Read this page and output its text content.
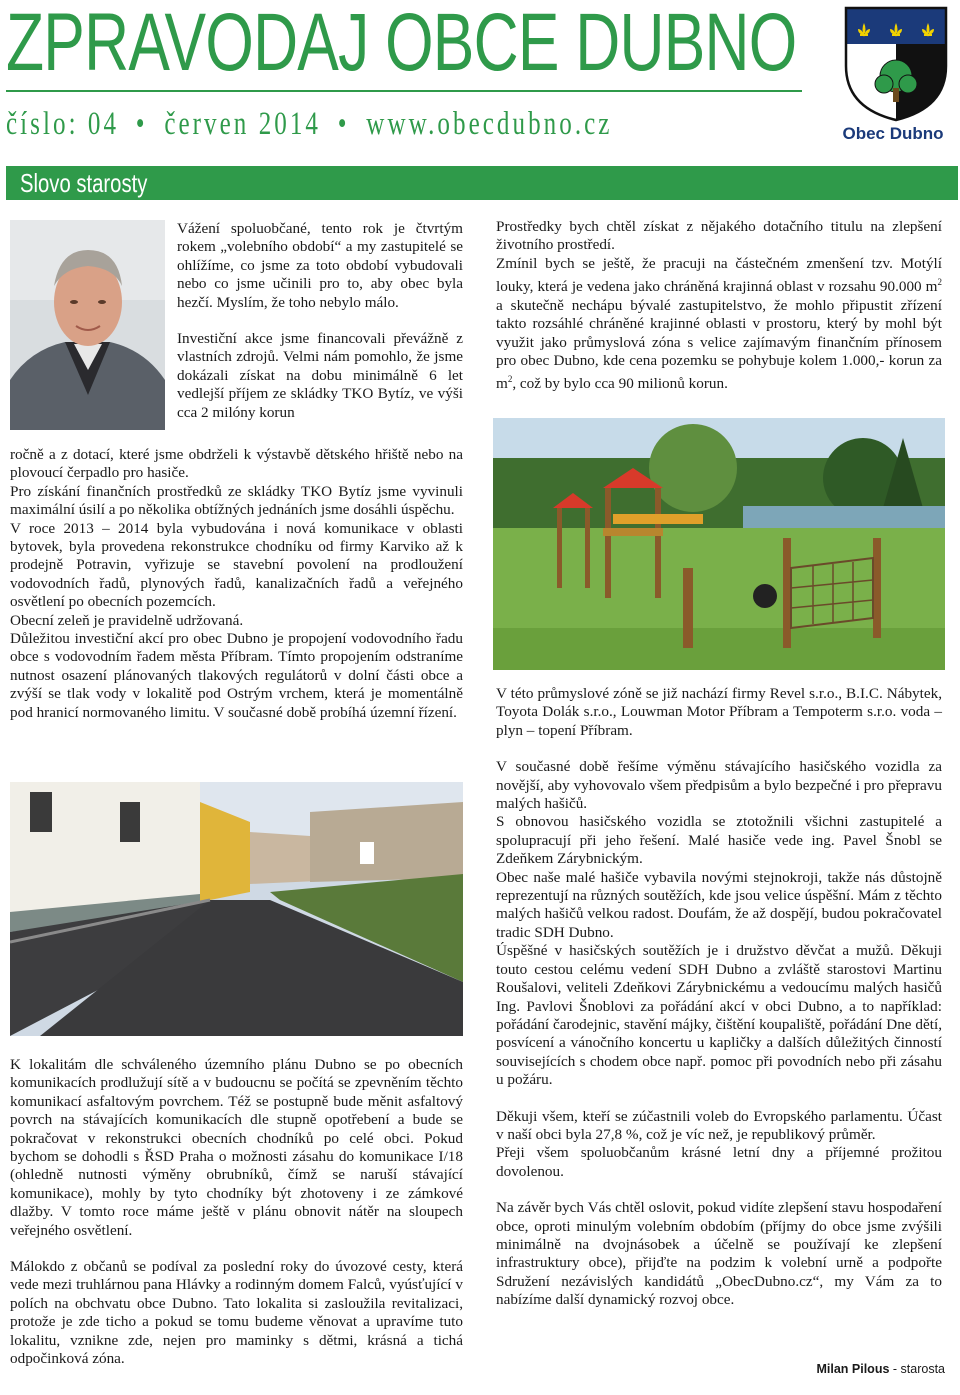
ZPRAVODAJ OBCE DUBNO
číslo: 04 • červen 2014 • www.obecdubno.cz	Obec Dubno
Slovo starosty

Vážení spoluobčané, tento rok je čtvrtým rokem „volebního období“ a my zastupitelé se ohlížíme, co jsme za toto období vybudovali nebo co jsme učinili pro to, aby obec byla hezčí. Myslím, že toho nebylo málo.

Investiční akce jsme financovali převážně z vlastních zdrojů. Velmi nám pomohlo, že jsme dokázali získat na dobu minimálně 6 let vedlejší příjem ze skládky TKO Bytíz, ve výši cca 2 milóny korun

ročně a z dotací, které jsme obdrželi k výstavbě dětského hřiště nebo na plovoucí čerpadlo pro hasiče.

Pro získání finančních prostředků ze skládky TKO Bytíz jsme vyvinuli maximální úsilí a po několika obtížných jednáních jsme dosáhli úspěchu.

V roce 2013 – 2014 byla vybudována i nová komunikace v oblasti bytovek, byla provedena rekonstrukce chodníku od firmy Karviko až k prodejně Potravin, vyřizuje se stavební povolení na prodloužení vodovodních řadů, plynových řadů, kanalizačních řadů a veřejného osvětlení po obecních pozemcích.

Obecní zeleň je pravidelně udržovaná.

Důležitou investiční akcí pro obec Dubno je propojení vodovodního řadu obce s vodovodním řadem města Příbram. Tímto propojením odstraníme nutnost osazení plánovaných tlakových regulátorů v dolní části obce a zvýší se tlak vody v lokalitě pod Ostrým vrchem, která je momentálně pod hranicí normovaného limitu. V současné době probíhá územní řízení.

K lokalitám dle schváleného územního plánu Dubno se po obecních komunikacích prodlužují sítě a v budoucnu se počítá se zpevněním těchto komunikací asfaltovým povrchem. Též se postupně bude měnit asfaltový povrch na stávajících komunikacích dle stupně opotřebení a bude se pokračovat v rekonstrukci obecních chodníků po celé obci. Pokud bychom se dohodli s ŘSD Praha o možnosti zásahu do komunikace I/18 (ohledně nutnosti výměny obrubníků, čímž se naruší stávající komunikace), mohly by tyto chodníky být zhotoveny i ze zámkové dlažby. V tomto roce máme ještě v plánu obnovit nátěr na sloupech veřejného osvětlení.

Málokdo z občanů se podíval za poslední roky do úvozové cesty, která vede mezi truhlárnou pana Hlávky a rodinným domem Falců, vyúsťující v polích na obchvatu obce Dubno. Tato lokalita si zasloužila revitalizaci, protože je zde ticho a pokud se tomu budeme věnovat a upravíme tuto lokalitu, vznikne zde, nejen pro maminky s dětmi, krásná a tichá odpočinková zóna.

Prostředky bych chtěl získat z nějakého dotačního titulu na zlepšení životního prostředí.

Zmínil bych se ještě, že pracuji na částečném zmenšení tzv. Motýlí louky, která je vedena jako chráněná krajinná oblast v rozsahu 90.000 $m^2$ a skutečně nechápu bývalé zastupitelstvo, že mohlo připustit zřízení takto rozsáhlé chráněné krajinné oblasti v prostoru, který by mohl být využit jako průmyslová zóna s velice zajímavým finančním přínosem pro obec Dubno, kde cena pozemku se pohybuje kolem 1.000,- korun za $m^2$, což by bylo cca 90 milionů korun.

V této průmyslové zóně se již nachází firmy Revel s.r.o., B.I.C. Nábytek, Toyota Dolák s.r.o., Louwman Motor Příbram a Tempoterm s.r.o. voda – plyn – topení Příbram.

V současné době řešíme výměnu stávajícího hasičského vozidla za novější, aby vyhovovalo všem předpisům a bylo bezpečné i pro přepravu malých hašičů.

S obnovou hasičského vozidla se ztotožnili všichni zastupitelé a spolupracují při jeho řešení. Malé hasiče vede ing. Pavel Šnobl se Zdeňkem Zárybnickým.

Obec naše malé hašiče vybavila novými stejnokroji, takže nás důstojně reprezentují na různých soutěžích, kde jsou velice úspěšní. Mám z těchto malých hašičů velkou radost. Doufám, že až dospějí, budou pokračovatel tradic SDH Dubno.

Úspěšné v hasičských soutěžích je i družstvo děvčat a mužů. Děkuji touto cestou celému vedení SDH Dubno a zvláště starostovi Martinu Roušalovi, veliteli Zdeňkovi Zárybnickému a vedoucímu malých hasičů Ing. Pavlovi Šnoblovi za pořádání akcí v obci Dubno, a to například: pořádání čarodejnic, stavění májky, čištění koupaliště, pořádání Dne dětí, posvícení a vánočního koncertu u kapličky a dalších důležitých činností souvisejících s chodem obce např. pomoc při povodních nebo při zásahu u požáru.

Děkuji všem, kteří se zúčastnili voleb do Evropského parlamentu. Účast v naší obci byla 27,8 %, což je víc než, je republikový průměr.

Přeji všem spoluobčanům krásné letní dny a příjemné prožitou dovolenou.

Na závěr bych Vás chtěl oslovit, pokud vidíte zlepšení stavu hospodaření obce, oproti minulým volebním obdobím (příjmy do obce jsme zvýšili minimálně na dvojnásobek a účelně se používají ke zlepšení infrastruktury obce), přijďte na podzim k volební urně a podpořte Sdružení nezávislých kandidátů „ObecDubno.cz“, my Vám za to nabízíme další dynamický rozvoj obce.

Milan Pilous - starosta
